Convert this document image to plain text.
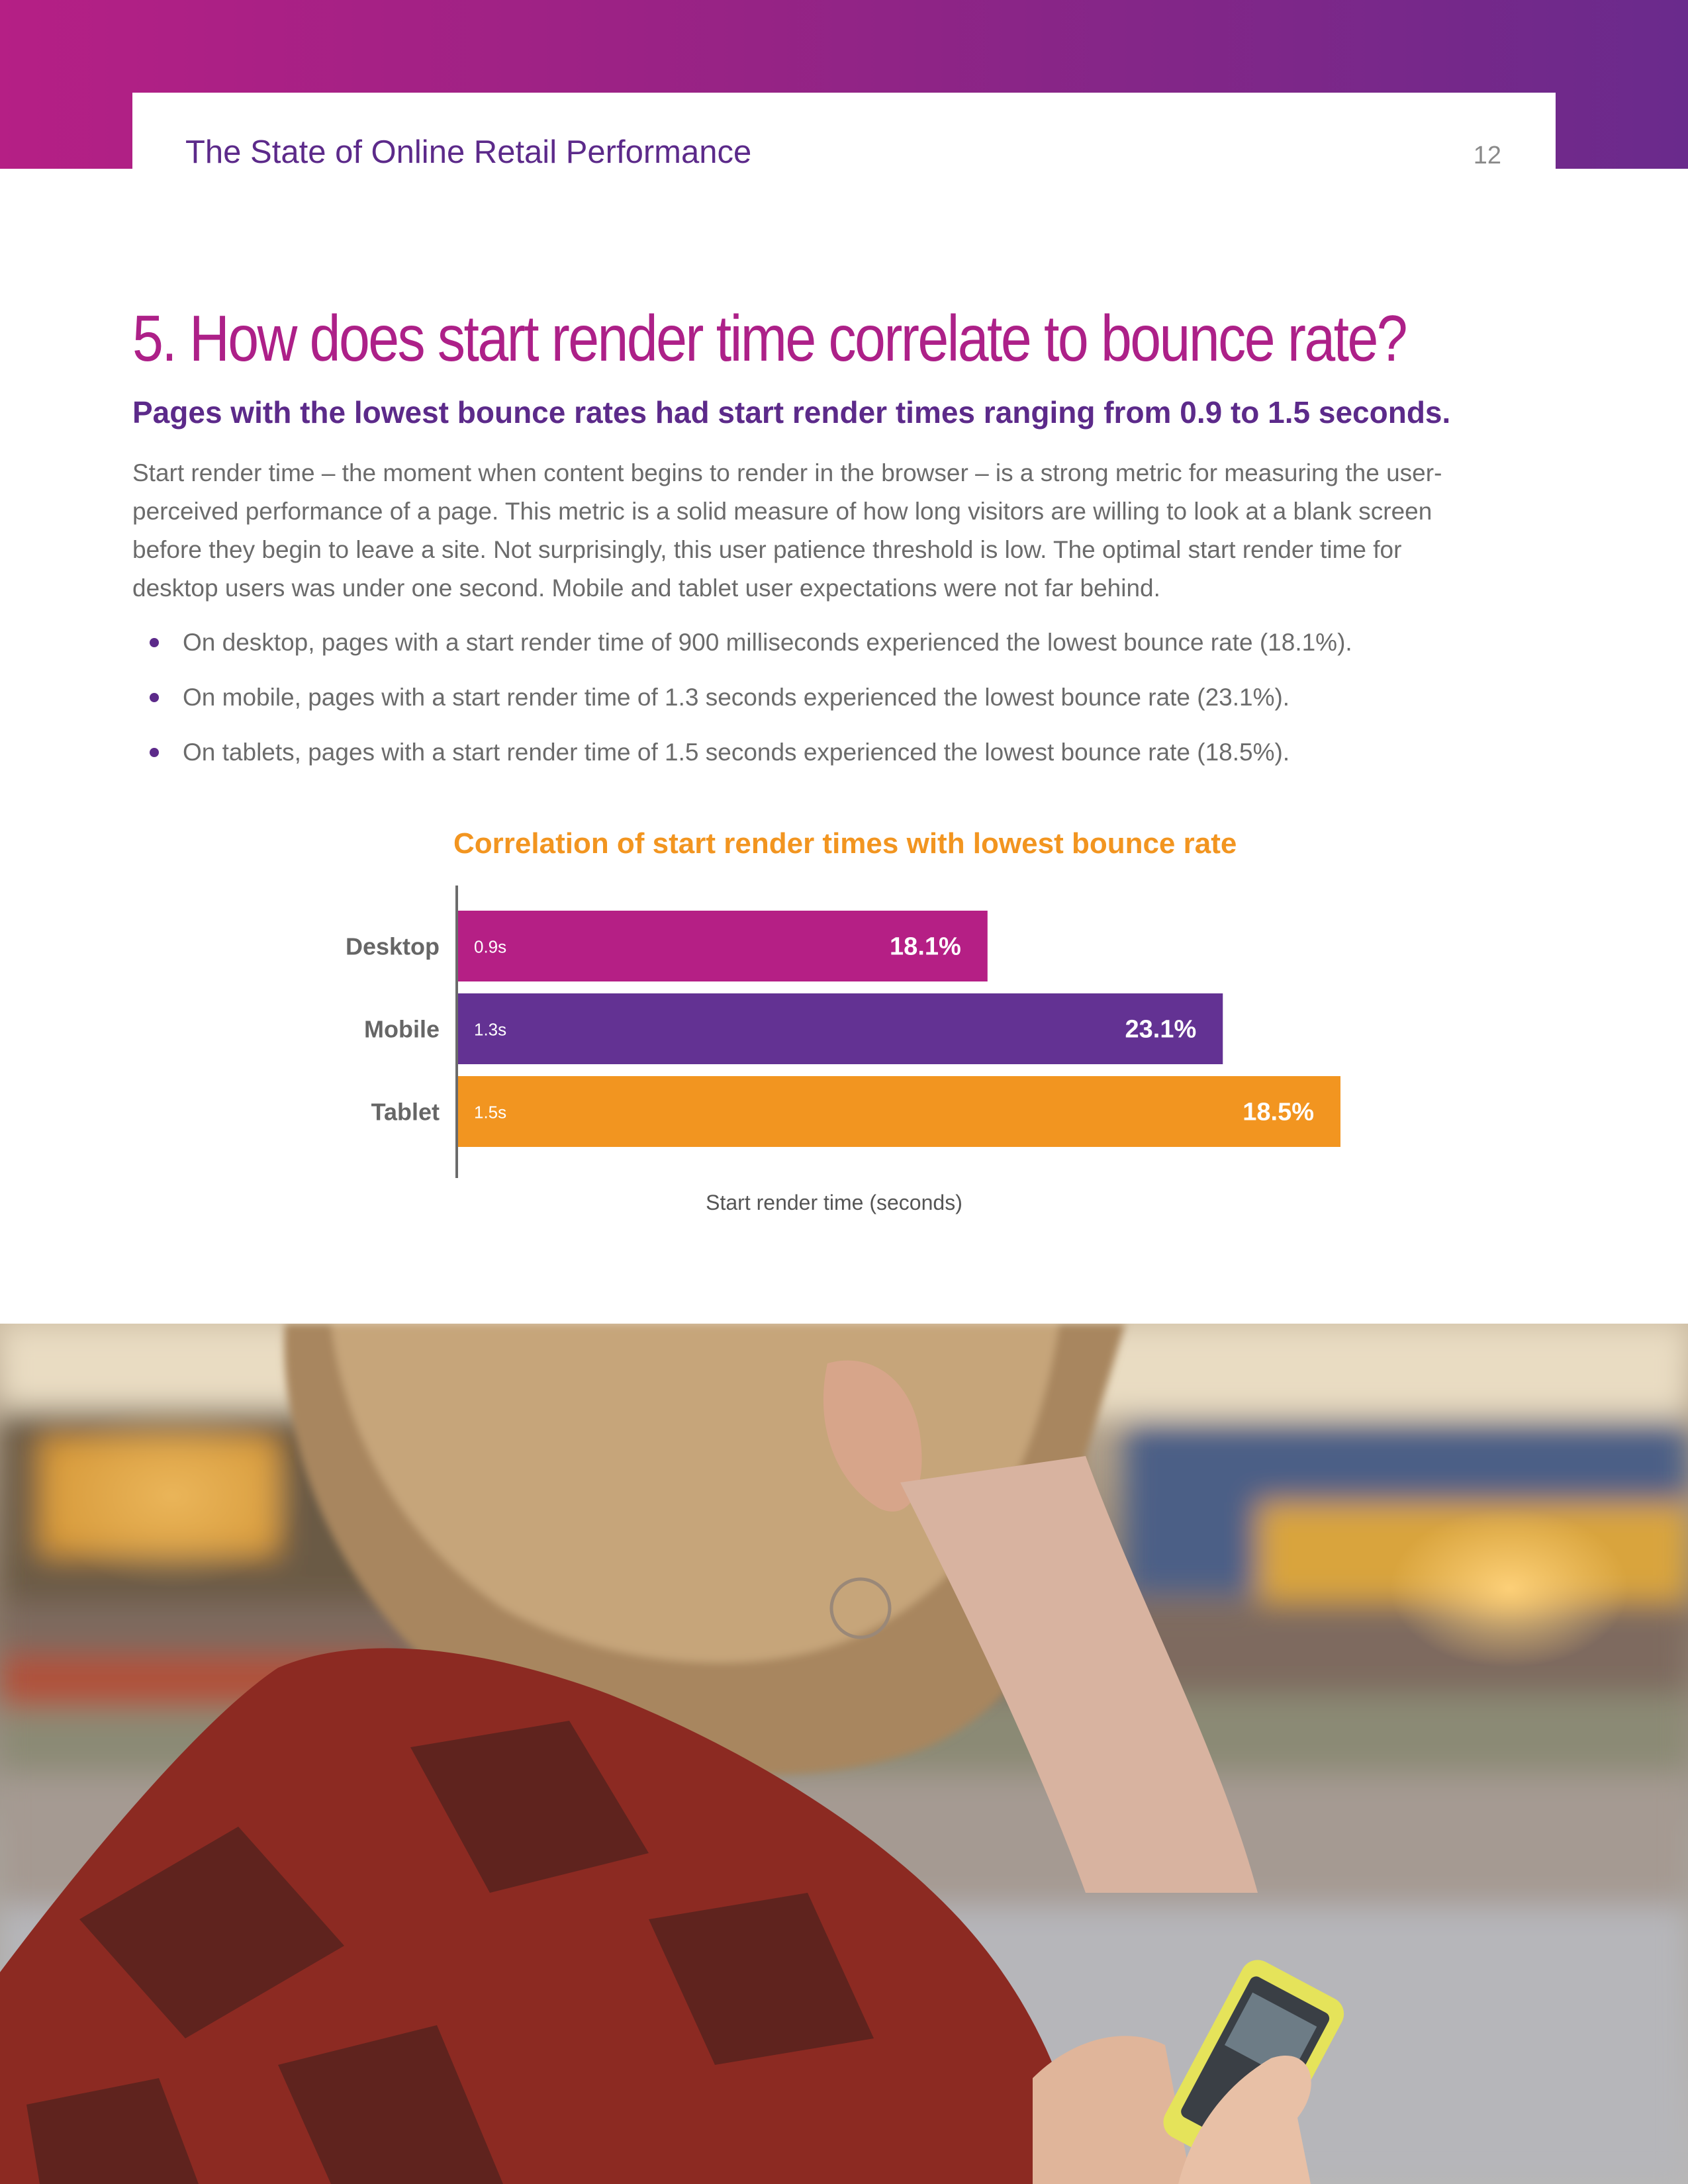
The State of Online Retail Performance	12
5. How does start render time correlate to bounce rate?
Pages with the lowest bounce rates had start render times ranging from 0.9 to 1.5 seconds.
Start render time – the moment when content begins to render in the browser – is a strong metric for measuring the user-perceived performance of a page. This metric is a solid measure of how long visitors are willing to look at a blank screen before they begin to leave a site. Not surprisingly, this user patience threshold is low. The optimal start render time for desktop users was under one second. Mobile and tablet user expectations were not far behind.
On desktop, pages with a start render time of 900 milliseconds experienced the lowest bounce rate (18.1%).
On mobile, pages with a start render time of 1.3 seconds experienced the lowest bounce rate (23.1%).
On tablets, pages with a start render time of 1.5 seconds experienced the lowest bounce rate (18.5%).
Correlation of start render times with lowest bounce rate
Desktop 0.9s	18.1%
Mobile 1.3s	23.1%
Tablet 1.5s	18.5%
Start render time (seconds)
